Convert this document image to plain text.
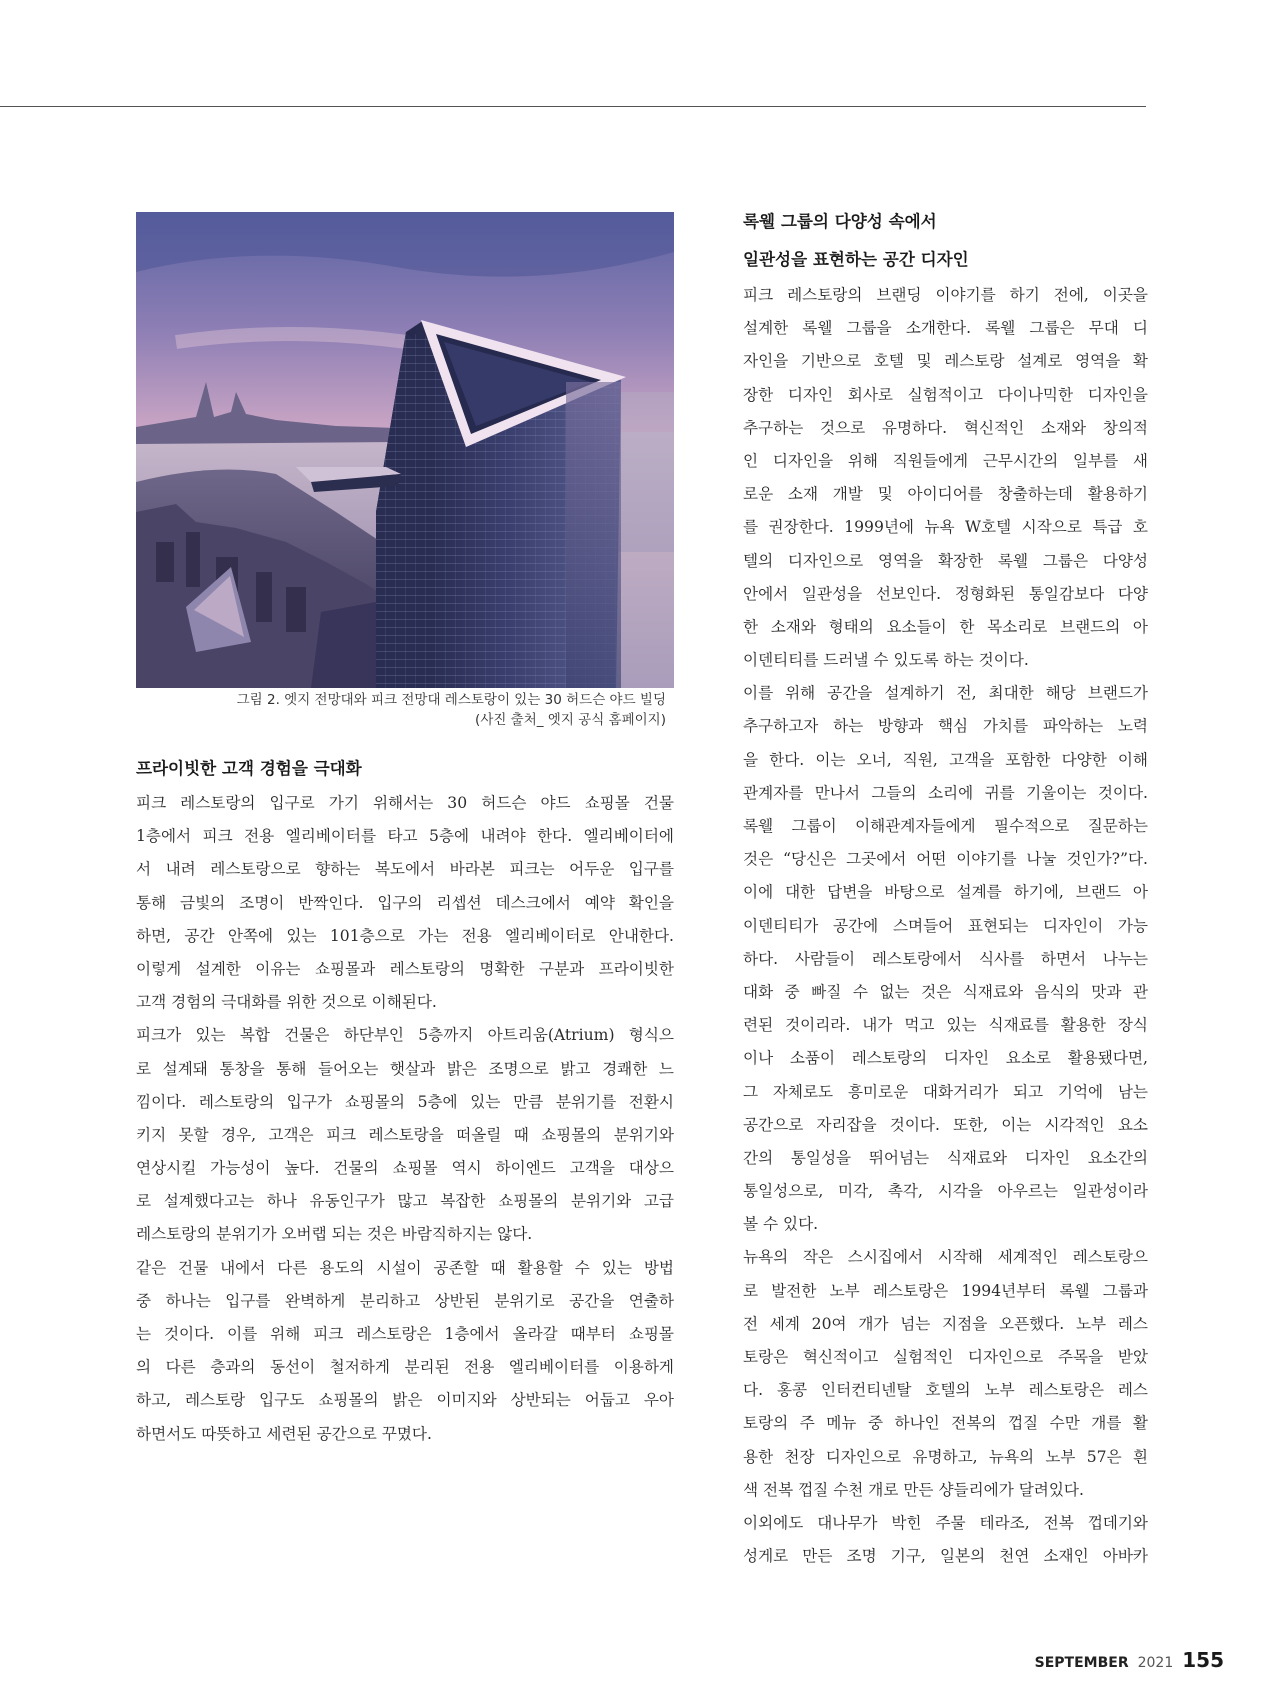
그림 2. 엣지 전망대와 피크 전망대 레스토랑이 있는 30 허드슨 야드 빌딩
(사진 출처_ 엣지 공식 홈페이지)
프라이빗한 고객 경험을 극대화
피크 레스토랑의 입구로 가기 위해서는 30 허드슨 야드 쇼핑몰 건물
1층에서 피크 전용 엘리베이터를 타고 5층에 내려야 한다. 엘리베이터에
서 내려 레스토랑으로 향하는 복도에서 바라본 피크는 어두운 입구를
통해 금빛의 조명이 반짝인다. 입구의 리셉션 데스크에서 예약 확인을
하면, 공간 안쪽에 있는 101층으로 가는 전용 엘리베이터로 안내한다.
이렇게 설계한 이유는 쇼핑몰과 레스토랑의 명확한 구분과 프라이빗한
고객 경험의 극대화를 위한 것으로 이해된다.
피크가 있는 복합 건물은 하단부인 5층까지 아트리움(Atrium) 형식으
로 설계돼 통창을 통해 들어오는 햇살과 밝은 조명으로 밝고 경쾌한 느
낌이다. 레스토랑의 입구가 쇼핑몰의 5층에 있는 만큼 분위기를 전환시
키지 못할 경우, 고객은 피크 레스토랑을 떠올릴 때 쇼핑몰의 분위기와
연상시킬 가능성이 높다. 건물의 쇼핑몰 역시 하이엔드 고객을 대상으
로 설계했다고는 하나 유동인구가 많고 복잡한 쇼핑몰의 분위기와 고급
레스토랑의 분위기가 오버랩 되는 것은 바람직하지는 않다.
같은 건물 내에서 다른 용도의 시설이 공존할 때 활용할 수 있는 방법
중 하나는 입구를 완벽하게 분리하고 상반된 분위기로 공간을 연출하
는 것이다. 이를 위해 피크 레스토랑은 1층에서 올라갈 때부터 쇼핑몰
의 다른 층과의 동선이 철저하게 분리된 전용 엘리베이터를 이용하게
하고, 레스토랑 입구도 쇼핑몰의 밝은 이미지와 상반되는 어둡고 우아
하면서도 따뜻하고 세련된 공간으로 꾸몄다.
록웰 그룹의 다양성 속에서
일관성을 표현하는 공간 디자인
피크 레스토랑의 브랜딩 이야기를 하기 전에, 이곳을
설계한 록웰 그룹을 소개한다. 록웰 그룹은 무대 디
자인을 기반으로 호텔 및 레스토랑 설계로 영역을 확
장한 디자인 회사로 실험적이고 다이나믹한 디자인을
추구하는 것으로 유명하다. 혁신적인 소재와 창의적
인 디자인을 위해 직원들에게 근무시간의 일부를 새
로운 소재 개발 및 아이디어를 창출하는데 활용하기
를 권장한다. 1999년에 뉴욕 W호텔 시작으로 특급 호
텔의 디자인으로 영역을 확장한 록웰 그룹은 다양성
안에서 일관성을 선보인다. 정형화된 통일감보다 다양
한 소재와 형태의 요소들이 한 목소리로 브랜드의 아
이덴티티를 드러낼 수 있도록 하는 것이다.
이를 위해 공간을 설계하기 전, 최대한 해당 브랜드가
추구하고자 하는 방향과 핵심 가치를 파악하는 노력
을 한다. 이는 오너, 직원, 고객을 포함한 다양한 이해
관계자를 만나서 그들의 소리에 귀를 기울이는 것이다.
록웰 그룹이 이해관계자들에게 필수적으로 질문하는
것은 “당신은 그곳에서 어떤 이야기를 나눌 것인가?”다.
이에 대한 답변을 바탕으로 설계를 하기에, 브랜드 아
이덴티티가 공간에 스며들어 표현되는 디자인이 가능
하다. 사람들이 레스토랑에서 식사를 하면서 나누는
대화 중 빠질 수 없는 것은 식재료와 음식의 맛과 관
련된 것이리라. 내가 먹고 있는 식재료를 활용한 장식
이나 소품이 레스토랑의 디자인 요소로 활용됐다면,
그 자체로도 흥미로운 대화거리가 되고 기억에 남는
공간으로 자리잡을 것이다. 또한, 이는 시각적인 요소
간의 통일성을 뛰어넘는 식재료와 디자인 요소간의
통일성으로, 미각, 촉각, 시각을 아우르는 일관성이라
볼 수 있다.
뉴욕의 작은 스시집에서 시작해 세계적인 레스토랑으
로 발전한 노부 레스토랑은 1994년부터 록웰 그룹과
전 세계 20여 개가 넘는 지점을 오픈했다. 노부 레스
토랑은 혁신적이고 실험적인 디자인으로 주목을 받았
다. 홍콩 인터컨티넨탈 호텔의 노부 레스토랑은 레스
토랑의 주 메뉴 중 하나인 전복의 껍질 수만 개를 활
용한 천장 디자인으로 유명하고, 뉴욕의 노부 57은 흰
색 전복 껍질 수천 개로 만든 샹들리에가 달려있다.
이외에도 대나무가 박힌 주물 테라조, 전복 껍데기와
성게로 만든 조명 기구, 일본의 천연 소재인 아바카
SEPTEMBER 2021 155
